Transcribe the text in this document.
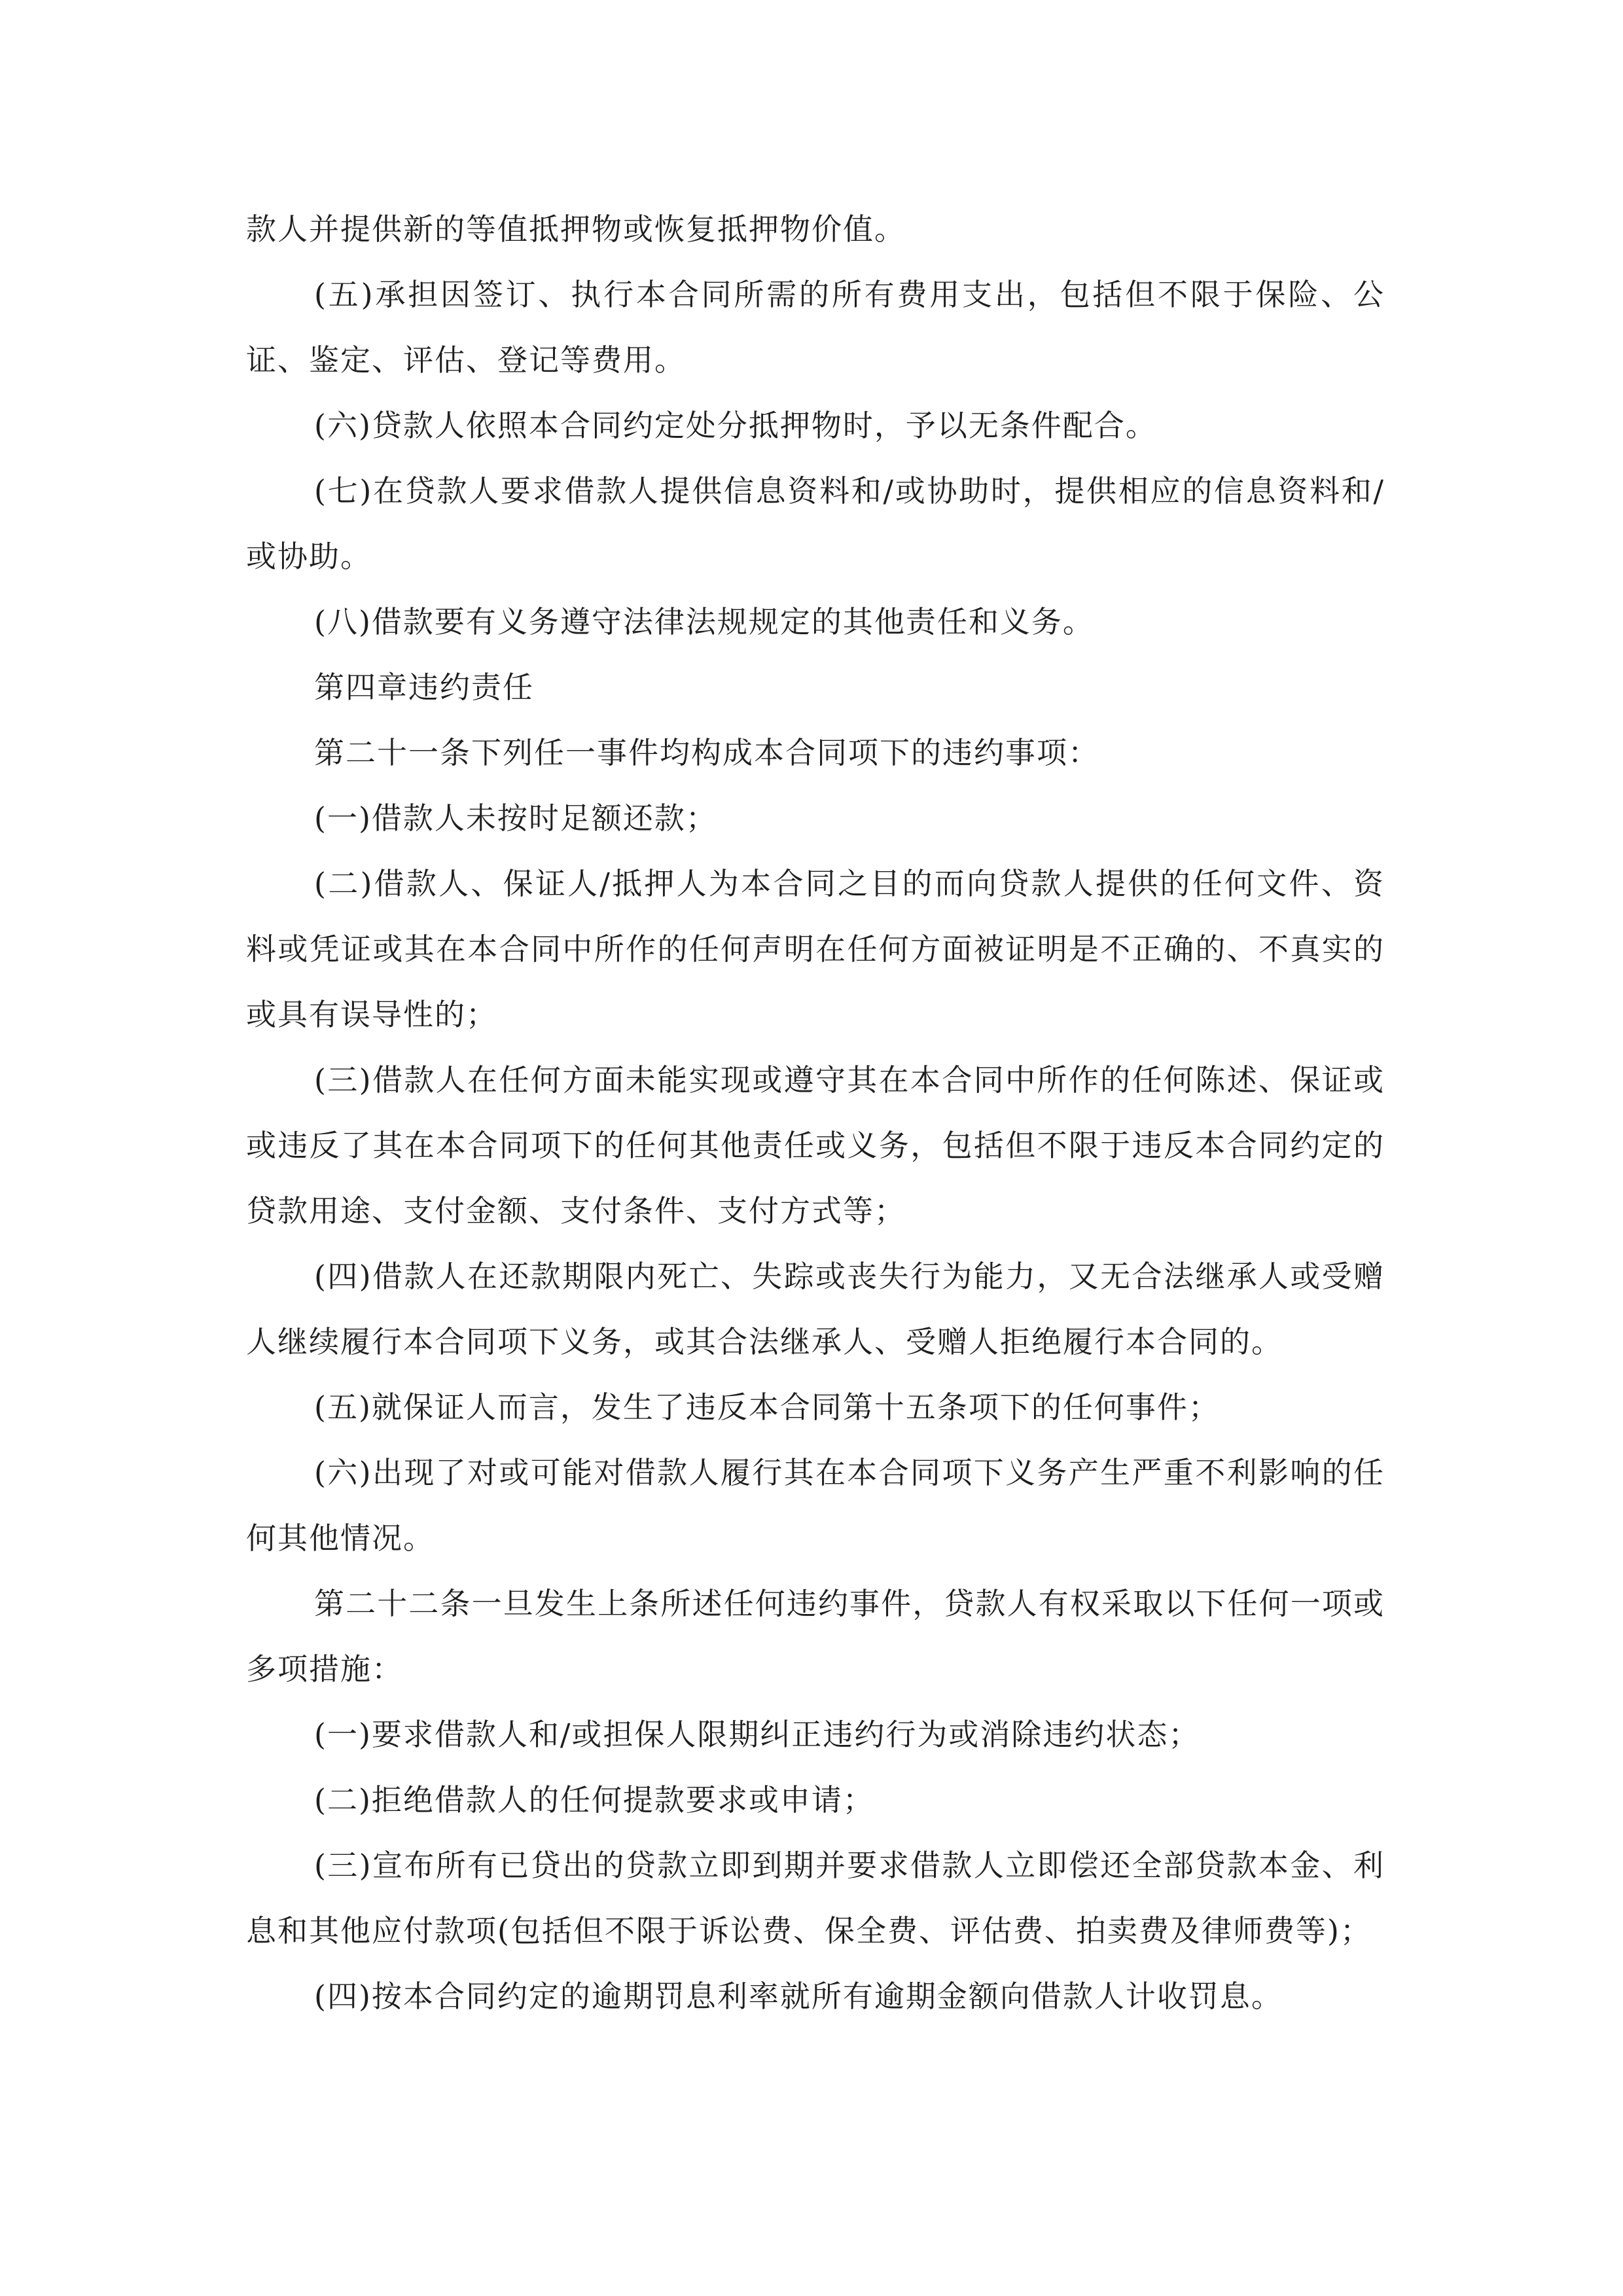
款人并提供新的等值抵押物或恢复抵押物价值。

(五)承担因签订、执行本合同所需的所有费用支出，包括但不限于保险、公证、鉴定、评估、登记等费用。

(六)贷款人依照本合同约定处分抵押物时，予以无条件配合。

(七)在贷款人要求借款人提供信息资料和/或协助时，提供相应的信息资料和/或协助。

(八)借款要有义务遵守法律法规规定的其他责任和义务。

第四章违约责任

第二十一条下列任一事件均构成本合同项下的违约事项：

(一)借款人未按时足额还款；

(二)借款人、保证人/抵押人为本合同之目的而向贷款人提供的任何文件、资料或凭证或其在本合同中所作的任何声明在任何方面被证明是不正确的、不真实的或具有误导性的；

(三)借款人在任何方面未能实现或遵守其在本合同中所作的任何陈述、保证或或违反了其在本合同项下的任何其他责任或义务，包括但不限于违反本合同约定的贷款用途、支付金额、支付条件、支付方式等；

(四)借款人在还款期限内死亡、失踪或丧失行为能力，又无合法继承人或受赠人继续履行本合同项下义务，或其合法继承人、受赠人拒绝履行本合同的。

(五)就保证人而言，发生了违反本合同第十五条项下的任何事件；

(六)出现了对或可能对借款人履行其在本合同项下义务产生严重不利影响的任何其他情况。

第二十二条一旦发生上条所述任何违约事件，贷款人有权采取以下任何一项或多项措施：

(一)要求借款人和/或担保人限期纠正违约行为或消除违约状态；

(二)拒绝借款人的任何提款要求或申请；

(三)宣布所有已贷出的贷款立即到期并要求借款人立即偿还全部贷款本金、利息和其他应付款项(包括但不限于诉讼费、保全费、评估费、拍卖费及律师费等)；

(四)按本合同约定的逾期罚息利率就所有逾期金额向借款人计收罚息。
